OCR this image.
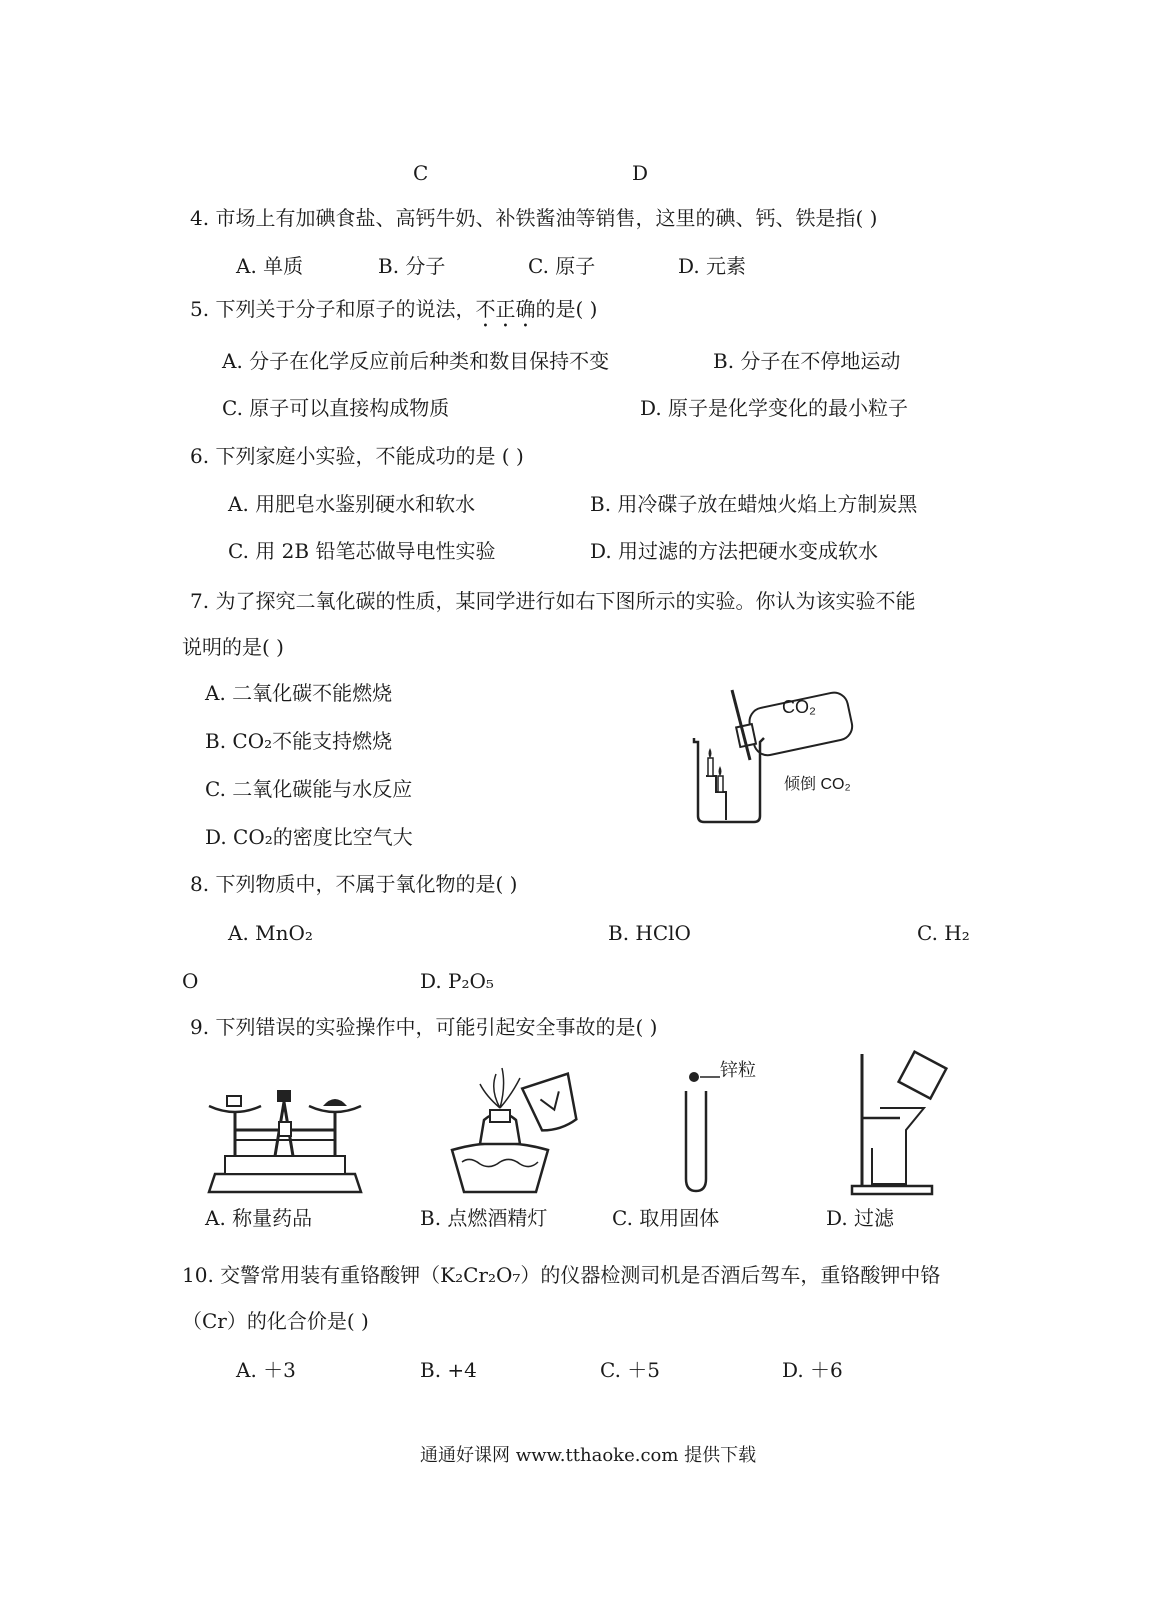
C	D
4. 市场上有加碘食盐、高钙牛奶、补铁酱油等销售，这里的碘、钙、铁是指( )
A. 单质	B. 分子	C. 原子	D. 元素
5. 下列关于分子和原子的说法，不正确的是( )
A. 分子在化学反应前后种类和数目保持不变	B. 分子在不停地运动
C. 原子可以直接构成物质	D. 原子是化学变化的最小粒子
6. 下列家庭小实验，不能成功的是 ( )
A. 用肥皂水鉴别硬水和软水	B. 用冷碟子放在蜡烛火焰上方制炭黑
C. 用 2B 铅笔芯做导电性实验	D. 用过滤的方法把硬水变成软水
7. 为了探究二氧化碳的性质，某同学进行如右下图所示的实验。你认为该实验不能
说明的是( )
A. 二氧化碳不能燃烧
B. CO₂不能支持燃烧
C. 二氧化碳能与水反应
D. CO₂的密度比空气大
CO₂
倾倒 CO₂
8. 下列物质中，不属于氧化物的是( )
A. MnO₂	B. HClO	C. H₂
O	D. P₂O₅
9. 下列错误的实验操作中，可能引起安全事故的是( )
锌粒
A. 称量药品	B. 点燃酒精灯	C. 取用固体	D. 过滤
10. 交警常用装有重铬酸钾（K₂Cr₂O₇）的仪器检测司机是否酒后驾车，重铬酸钾中铬
（Cr）的化合价是( )
A. ＋3	B. +4	C. ＋5	D. ＋6
通通好课网 www.tthaoke.com 提供下载
